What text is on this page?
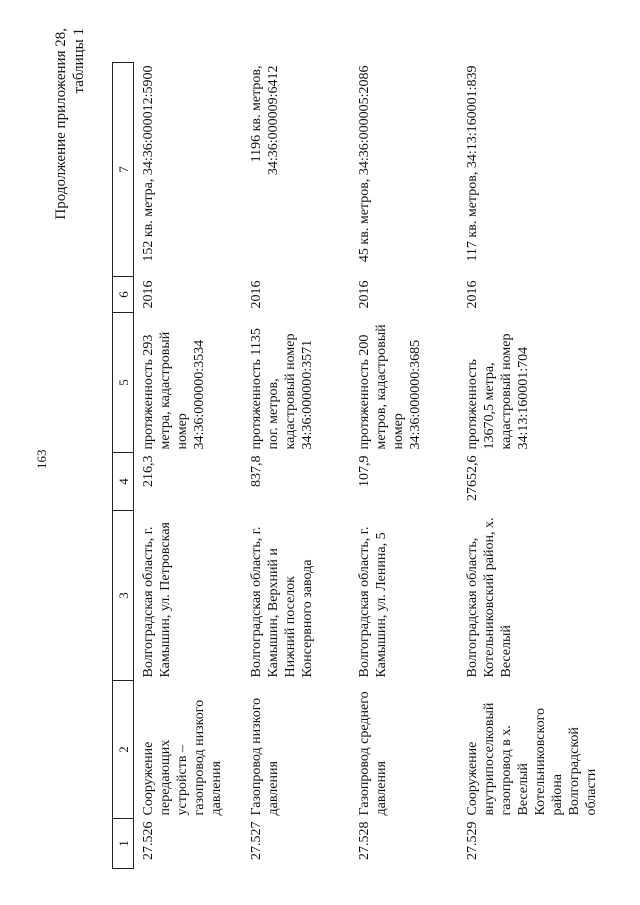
163
Продолжение приложения 28, таблицы 1
1	2	3	4	5	6	7
27.526	Сооружение передающих устройств – газопровод низкого давления	Волгоградская область, г. Камышин, ул. Петровская	216,3	протяженность 293 метра, кадастровый номер 34:36:000000:3534	2016	152 кв. метра, 34:36:000012:5900
27.527	Газопровод низкого давления	Волгоградская область, г. Камышин, Верхний и Нижний поселок Консервного завода	837,8	протяженность 1135 пог. метров, кадастровый номер 34:36:000000:3571	2016	1196 кв. метров, 34:36:000009:6412
27.528	Газопровод среднего давления	Волгоградская область, г. Камышин, ул. Ленина, 5	107,9	протяженность 200 метров, кадастровый номер 34:36:000000:3685	2016	45 кв. метров, 34:36:000005:2086
27.529	Сооружение внутрипоселковый газопровод в х. Веселый Котельниковского района Волгоградской области	Волгоградская область, Котельниковский район, х. Веселый	27652,6	протяженность 13670,5 метра, кадастровый номер 34:13:160001:704	2016	117 кв. метров, 34:13:160001:839
